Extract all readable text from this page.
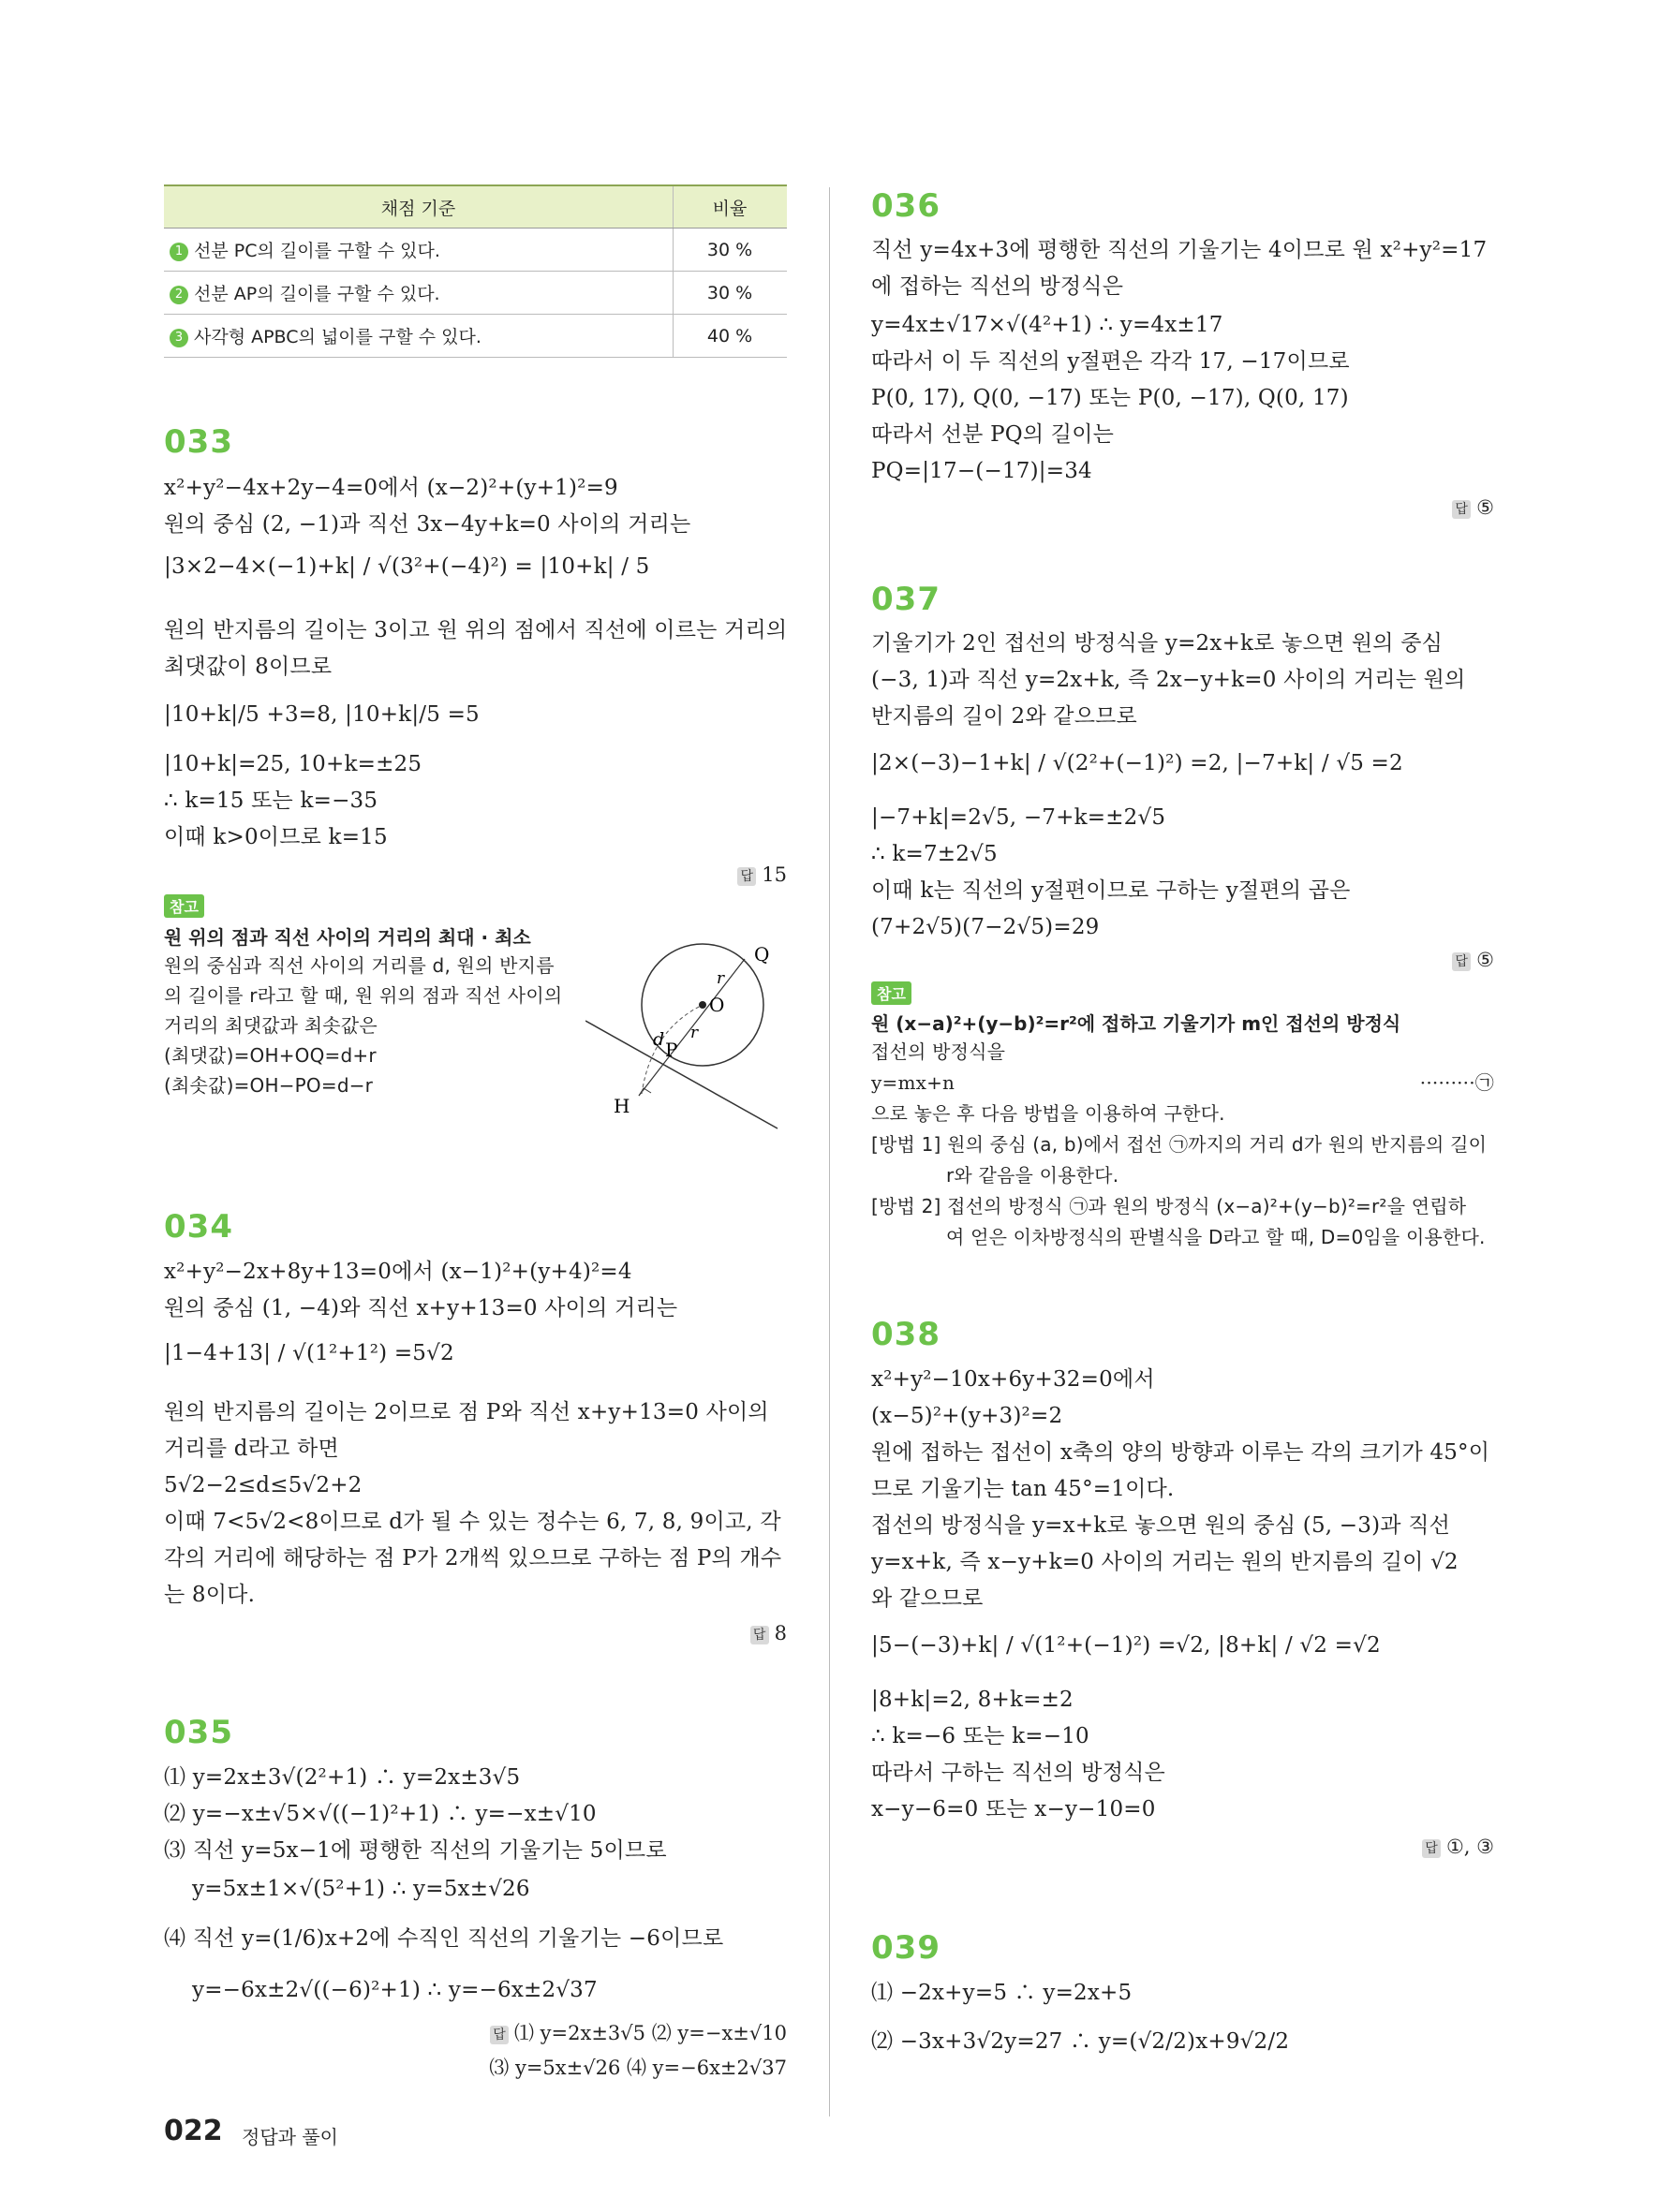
채점 기준	비율
1 선분 PC의 길이를 구할 수 있다.	30 %
2 선분 AP의 길이를 구할 수 있다.	30 %
3 사각형 APBC의 넓이를 구할 수 있다.	40 %
033
x²+y²−4x+2y−4=0에서 (x−2)²+(y+1)²=9
원의 중심 (2, −1)과 직선 3x−4y+k=0 사이의 거리는
|3×2−4×(−1)+k| / √(3²+(−4)²) = |10+k| / 5
원의 반지름의 길이는 3이고 원 위의 점에서 직선에 이르는 거리의
최댓값이 8이므로
|10+k|/5 +3=8, |10+k|/5 =5
|10+k|=25, 10+k=±25
∴ k=15 또는 k=−35
이때 k>0이므로 k=15
답 15
참고
원 위의 점과 직선 사이의 거리의 최대 · 최소
원의 중심과 직선 사이의 거리를 d, 원의 반지름
의 길이를 r라고 할 때, 원 위의 점과 직선 사이의
거리의 최댓값과 최솟값은
(최댓값)=OH+OQ=d+r
(최솟값)=OH−PO=d−r
Q
O
P
H
d
r
r
034
x²+y²−2x+8y+13=0에서 (x−1)²+(y+4)²=4
원의 중심 (1, −4)와 직선 x+y+13=0 사이의 거리는
|1−4+13| / √(1²+1²) =5√2
원의 반지름의 길이는 2이므로 점 P와 직선 x+y+13=0 사이의
거리를 d라고 하면
5√2−2≤d≤5√2+2
이때 7<5√2<8이므로 d가 될 수 있는 정수는 6, 7, 8, 9이고, 각
각의 거리에 해당하는 점 P가 2개씩 있으므로 구하는 점 P의 개수
는 8이다.
답 8
035
⑴ y=2x±3√(2²+1) ∴ y=2x±3√5
⑵ y=−x±√5×√((−1)²+1) ∴ y=−x±√10
⑶ 직선 y=5x−1에 평행한 직선의 기울기는 5이므로
y=5x±1×√(5²+1) ∴ y=5x±√26
⑷ 직선 y=(1/6)x+2에 수직인 직선의 기울기는 −6이므로
y=−6x±2√((−6)²+1) ∴ y=−6x±2√37
답 ⑴ y=2x±3√5 ⑵ y=−x±√10
⑶ y=5x±√26 ⑷ y=−6x±2√37
036
직선 y=4x+3에 평행한 직선의 기울기는 4이므로 원 x²+y²=17
에 접하는 직선의 방정식은
y=4x±√17×√(4²+1) ∴ y=4x±17
따라서 이 두 직선의 y절편은 각각 17, −17이므로
P(0, 17), Q(0, −17) 또는 P(0, −17), Q(0, 17)
따라서 선분 PQ의 길이는
PQ=|17−(−17)|=34
답 ⑤
037
기울기가 2인 접선의 방정식을 y=2x+k로 놓으면 원의 중심
(−3, 1)과 직선 y=2x+k, 즉 2x−y+k=0 사이의 거리는 원의
반지름의 길이 2와 같으므로
|2×(−3)−1+k| / √(2²+(−1)²) =2, |−7+k| / √5 =2
|−7+k|=2√5, −7+k=±2√5
∴ k=7±2√5
이때 k는 직선의 y절편이므로 구하는 y절편의 곱은
(7+2√5)(7−2√5)=29
답 ⑤
참고
원 (x−a)²+(y−b)²=r²에 접하고 기울기가 m인 접선의 방정식
접선의 방정식을
y=mx+n	·········㉠
으로 놓은 후 다음 방법을 이용하여 구한다.
[방법 1] 원의 중심 (a, b)에서 접선 ㉠까지의 거리 d가 원의 반지름의 길이
r와 같음을 이용한다.
[방법 2] 접선의 방정식 ㉠과 원의 방정식 (x−a)²+(y−b)²=r²을 연립하
여 얻은 이차방정식의 판별식을 D라고 할 때, D=0임을 이용한다.
038
x²+y²−10x+6y+32=0에서
(x−5)²+(y+3)²=2
원에 접하는 접선이 x축의 양의 방향과 이루는 각의 크기가 45°이
므로 기울기는 tan 45°=1이다.
접선의 방정식을 y=x+k로 놓으면 원의 중심 (5, −3)과 직선
y=x+k, 즉 x−y+k=0 사이의 거리는 원의 반지름의 길이 √2
와 같으므로
|5−(−3)+k| / √(1²+(−1)²) =√2, |8+k| / √2 =√2
|8+k|=2, 8+k=±2
∴ k=−6 또는 k=−10
따라서 구하는 직선의 방정식은
x−y−6=0 또는 x−y−10=0
답 ①, ③
039
⑴ −2x+y=5 ∴ y=2x+5
⑵ −3x+3√2y=27 ∴ y=(√2/2)x+9√2/2
022 정답과 풀이
